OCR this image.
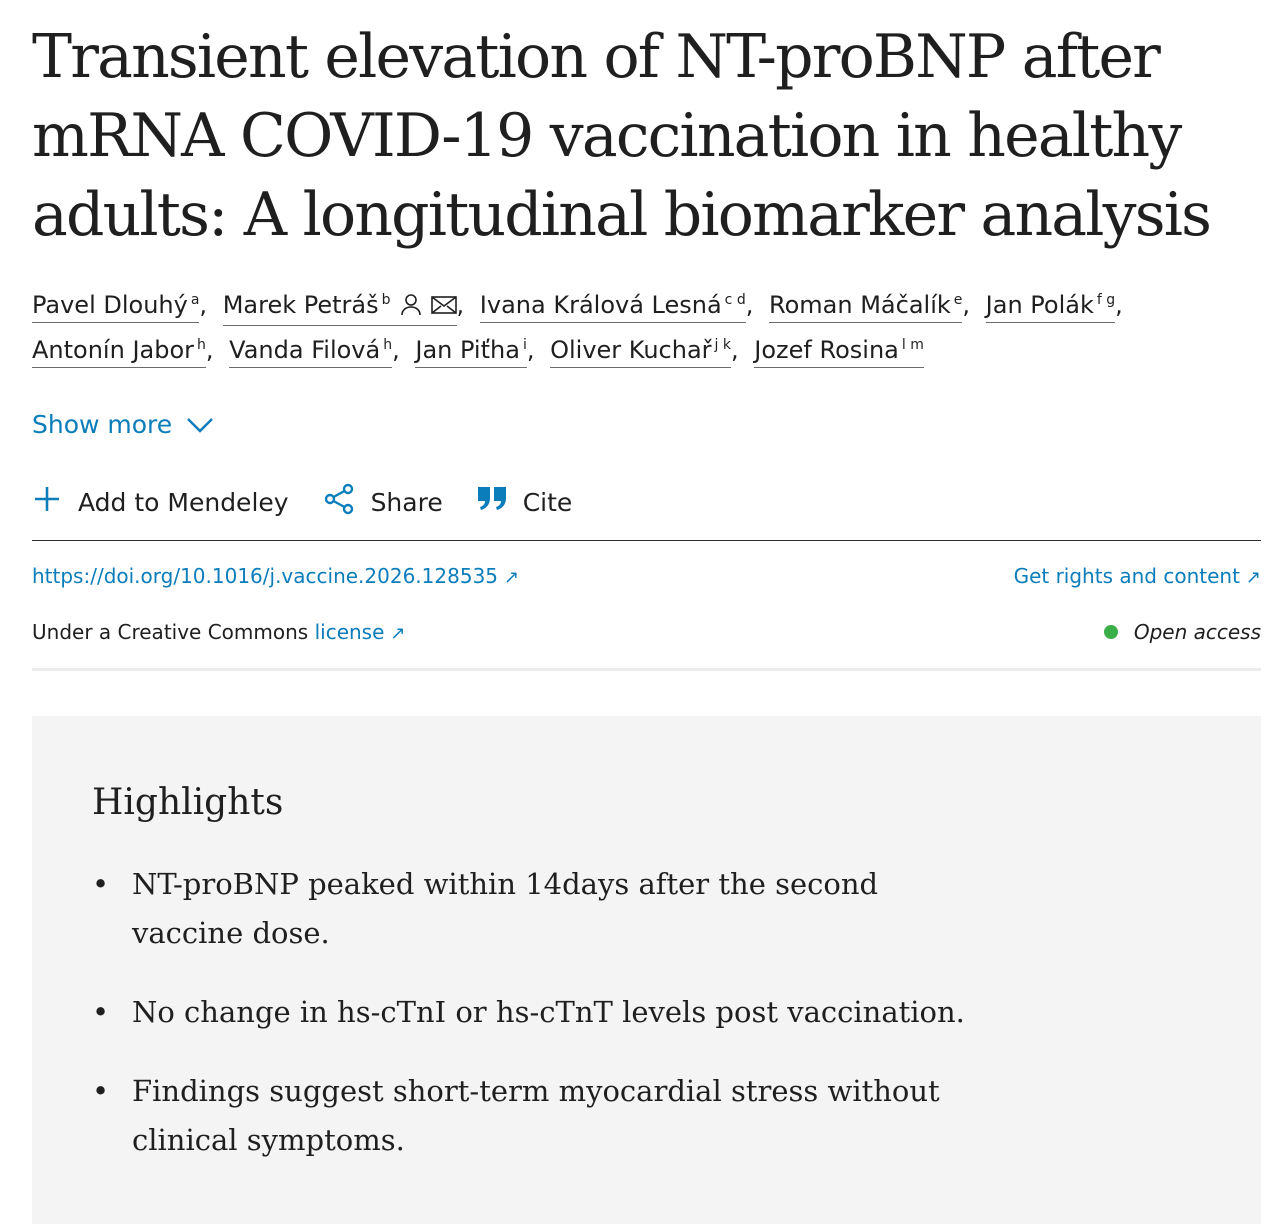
Transient elevation of NT-proBNP after mRNA COVID-19 vaccination in healthy adults: A longitudinal biomarker analysis
Pavel Dlouhý $^a$, Marek Petráš $^b$	, Ivana Králová Lesná $^{c d}$, Roman Máčalík $^e$, Jan Polák $^{f g}$,
Antonín Jabor $^h$, Vanda Filová $^h$, Jan Piťha $^i$, Oliver Kuchař $^{j k}$, Jozef Rosina $^{l m}$
Show more
Add to Mendeley	Share	Cite
https://doi.org/10.1016/j.vaccine.2026.128535 ↗	Get rights and content ↗
Under a Creative Commons license ↗	Open access
Highlights
• NT-proBNP peaked within 14days after the second vaccine dose.
• No change in hs-cTnI or hs-cTnT levels post vaccination.
• Findings suggest short-term myocardial stress without clinical symptoms.
